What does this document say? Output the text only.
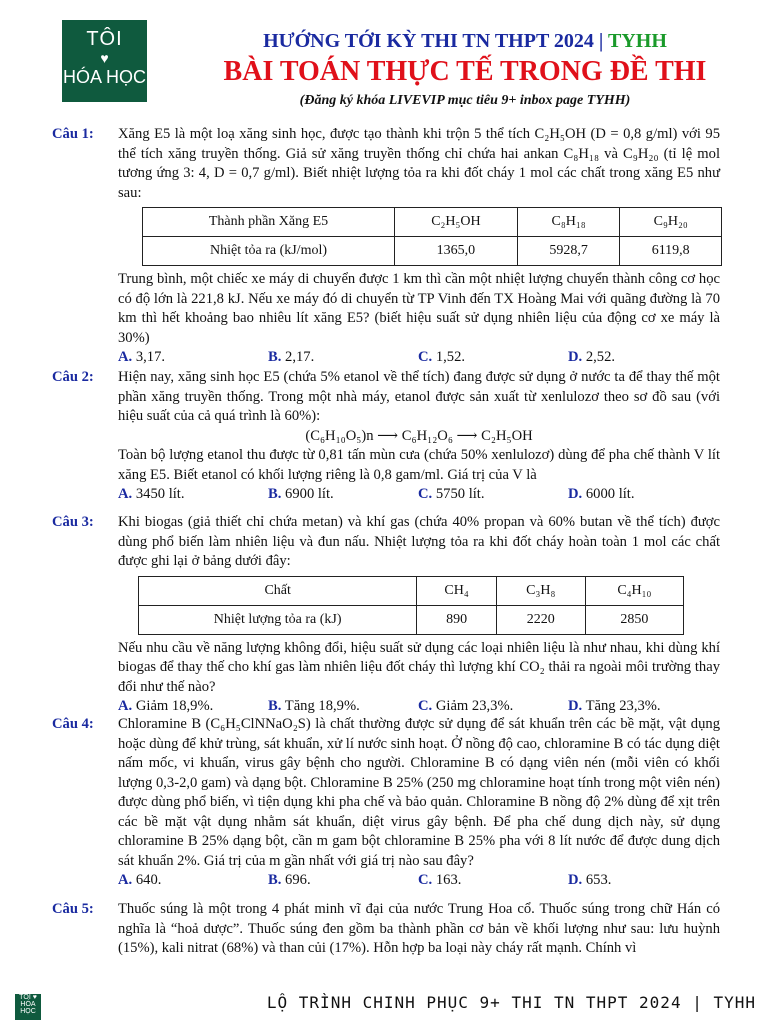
TÔI
♥
HÓA HỌC
HƯỚNG TỚI KỲ THI TN THPT 2024 | TYHH
BÀI TOÁN THỰC TẾ TRONG ĐỀ THI
(Đăng ký khóa LIVEVIP mục tiêu 9+ inbox page TYHH)
Câu 1: Xăng E5 là một loạ xăng sinh học, được tạo thành khi trộn 5 thể tích C₂H₅OH (D = 0,8 g/ml) với 95 thể tích xăng truyền thống. Giả sử xăng truyền thống chỉ chứa hai ankan C₈H₁₈ và C₉H₂₀ (tỉ lệ mol tương ứng 3: 4, D = 0,7 g/ml). Biết nhiệt lượng tỏa ra khi đốt cháy 1 mol các chất trong xăng E5 như sau:
Thành phần Xăng E5	C₂H₅OH	C₈H₁₈	C₉H₂₀
Nhiệt tỏa ra (kJ/mol)	1365,0	5928,7	6119,8
Trung bình, một chiếc xe máy di chuyển được 1 km thì cần một nhiệt lượng chuyển thành công cơ học có độ lớn là 221,8 kJ. Nếu xe máy đó di chuyển từ TP Vinh đến TX Hoàng Mai với quãng đường là 70 km thì hết khoảng bao nhiêu lít xăng E5? (biết hiệu suất sử dụng nhiên liệu của động cơ xe máy là 30%)
A. 3,17.	B. 2,17.	C. 1,52.	D. 2,52.
Câu 2: Hiện nay, xăng sinh học E5 (chứa 5% etanol về thể tích) đang được sử dụng ở nước ta để thay thế một phần xăng truyền thống. Trong một nhà máy, etanol được sản xuất từ xenlulozơ theo sơ đồ sau (với hiệu suất của cả quá trình là 60%):
(C₆H₁₀O₅)n ⟶ C₆H₁₂O₆ ⟶ C₂H₅OH
Toàn bộ lượng etanol thu được từ 0,81 tấn mùn cưa (chứa 50% xenlulozơ) dùng để pha chế thành V lít xăng E5. Biết etanol có khối lượng riêng là 0,8 gam/ml. Giá trị của V là
A. 3450 lít.	B. 6900 lít.	C. 5750 lít.	D. 6000 lít.
Câu 3: Khi biogas (giả thiết chỉ chứa metan) và khí gas (chứa 40% propan và 60% butan về thể tích) được dùng phổ biến làm nhiên liệu và đun nấu. Nhiệt lượng tỏa ra khi đốt cháy hoàn toàn 1 mol các chất được ghi lại ở bảng dưới đây:
Chất	CH₄	C₃H₈	C₄H₁₀
Nhiệt lượng tỏa ra (kJ)	890	2220	2850
Nếu nhu cầu về năng lượng không đổi, hiệu suất sử dụng các loại nhiên liệu là như nhau, khi dùng khí biogas để thay thế cho khí gas làm nhiên liệu đốt cháy thì lượng khí CO₂ thải ra ngoài môi trường thay đổi như thế nào?
A. Giảm 18,9%.	B. Tăng 18,9%.	C. Giảm 23,3%.	D. Tăng 23,3%.
Câu 4: Chloramine B (C₆H₅ClNNaO₂S) là chất thường được sử dụng để sát khuẩn trên các bề mặt, vật dụng hoặc dùng để khử trùng, sát khuẩn, xử lí nước sinh hoạt. Ở nồng độ cao, chloramine B có tác dụng diệt nấm mốc, vi khuẩn, virus gây bệnh cho người. Chloramine B có dạng viên nén (mỗi viên có khối lượng 0,3-2,0 gam) và dạng bột. Chloramine B 25% (250 mg chloramine hoạt tính trong một viên nén) được dùng phổ biến, vì tiện dụng khi pha chế và bảo quản. Chloramine B nồng độ 2% dùng để xịt trên các bề mặt vật dụng nhằm sát khuẩn, diệt virus gây bệnh. Để pha chế dung dịch này, sử dụng chloramine B 25% dạng bột, cần m gam bột chloramine B 25% pha với 8 lít nước để được dung dịch sát khuẩn 2%. Giá trị của m gần nhất với giá trị nào sau đây?
A. 640.	B. 696.	C. 163.	D. 653.
Câu 5: Thuốc súng là một trong 4 phát minh vĩ đại của nước Trung Hoa cổ. Thuốc súng trong chữ Hán có nghĩa là “hoả dược”. Thuốc súng đen gồm ba thành phần cơ bản về khối lượng như sau: lưu huỳnh (15%), kali nitrat (68%) và than củi (17%). Hỗn hợp ba loại này cháy rất mạnh. Chính vì
TÔI ♥ HÓA HỌC	LỘ TRÌNH CHINH PHỤC 9+ THI TN THPT 2024 | TYHH
